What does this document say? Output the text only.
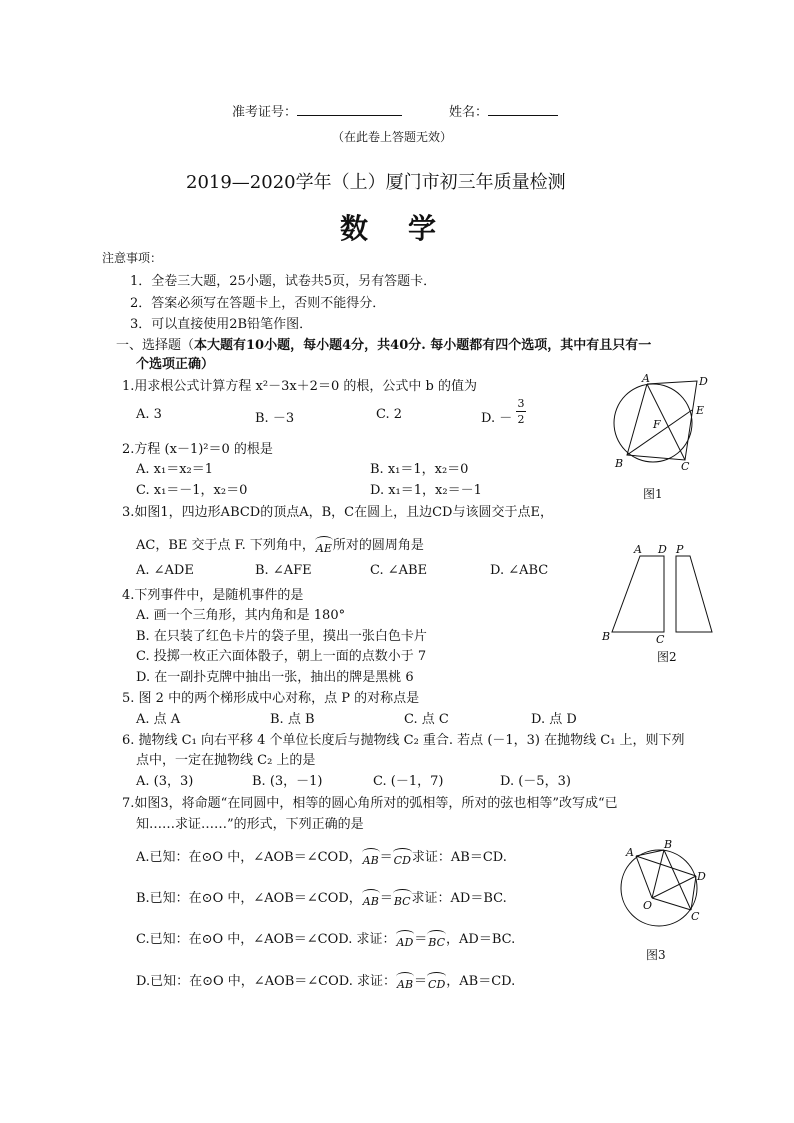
准考证号：	姓名：
（在此卷上答题无效）
2019—2020学年（上）厦门市初三年质量检测
数学
注意事项：
1．全卷三大题，25小题，试卷共5页，另有答题卡．
2．答案必须写在答题卡上，否则不能得分．
3．可以直接使用2B铅笔作图．
一、选择题（本大题有10小题，每小题4分，共40分. 每小题都有四个选项，其中有且只有一
个选项正确）
1.用求根公式计算方程 x²－3x＋2＝0 的根，公式中 b 的值为
A. 3	B. －3	C. 2	D. －
3
2
2.方程 (x－1)²＝0 的根是
A. x₁＝x₂＝1	B. x₁＝1，x₂＝0
C. x₁＝－1，x₂＝0	D. x₁＝1，x₂＝－1
3.如图1，四边形ABCD的顶点A，B，C在圆上，且边CD与该圆交于点E，
AC，BE 交于点 F. 下列角中，AE所对的圆周角是
A. ∠ADE	B. ∠AFE	C. ∠ABE	D. ∠ABC
4.下列事件中，是随机事件的是
A. 画一个三角形，其内角和是 180°
B. 在只装了红色卡片的袋子里，摸出一张白色卡片
C. 投掷一枚正六面体骰子，朝上一面的点数小于 7
D. 在一副扑克牌中抽出一张，抽出的牌是黑桃 6
5. 图 2 中的两个梯形成中心对称，点 P 的对称点是
A. 点 A	B. 点 B	C. 点 C	D. 点 D
6. 抛物线 C₁ 向右平移 4 个单位长度后与抛物线 C₂ 重合. 若点 (－1，3) 在抛物线 C₁ 上，则下列
点中，一定在抛物线 C₂ 上的是
A. (3，3)	B. (3，－1)	C. (－1，7)	D. (－5，3)
7.如图3，将命题“在同圆中，相等的圆心角所对的弧相等，所对的弦也相等”改写成“已
知……求证……”的形式，下列正确的是
A.已知：在⊙O 中，∠AOB＝∠COD，AB＝CD求证：AB＝CD.
B.已知：在⊙O 中，∠AOB＝∠COD，AB＝BC求证：AD＝BC.
C.已知：在⊙O 中，∠AOB＝∠COD. 求证：AD＝BC，AD＝BC.
D.已知：在⊙O 中，∠AOB＝∠COD. 求证：AB＝CD，AB＝CD.
A	D
E
F
B	C
图1
A D P
B	C
图2
A
B
D
O
C
图3
